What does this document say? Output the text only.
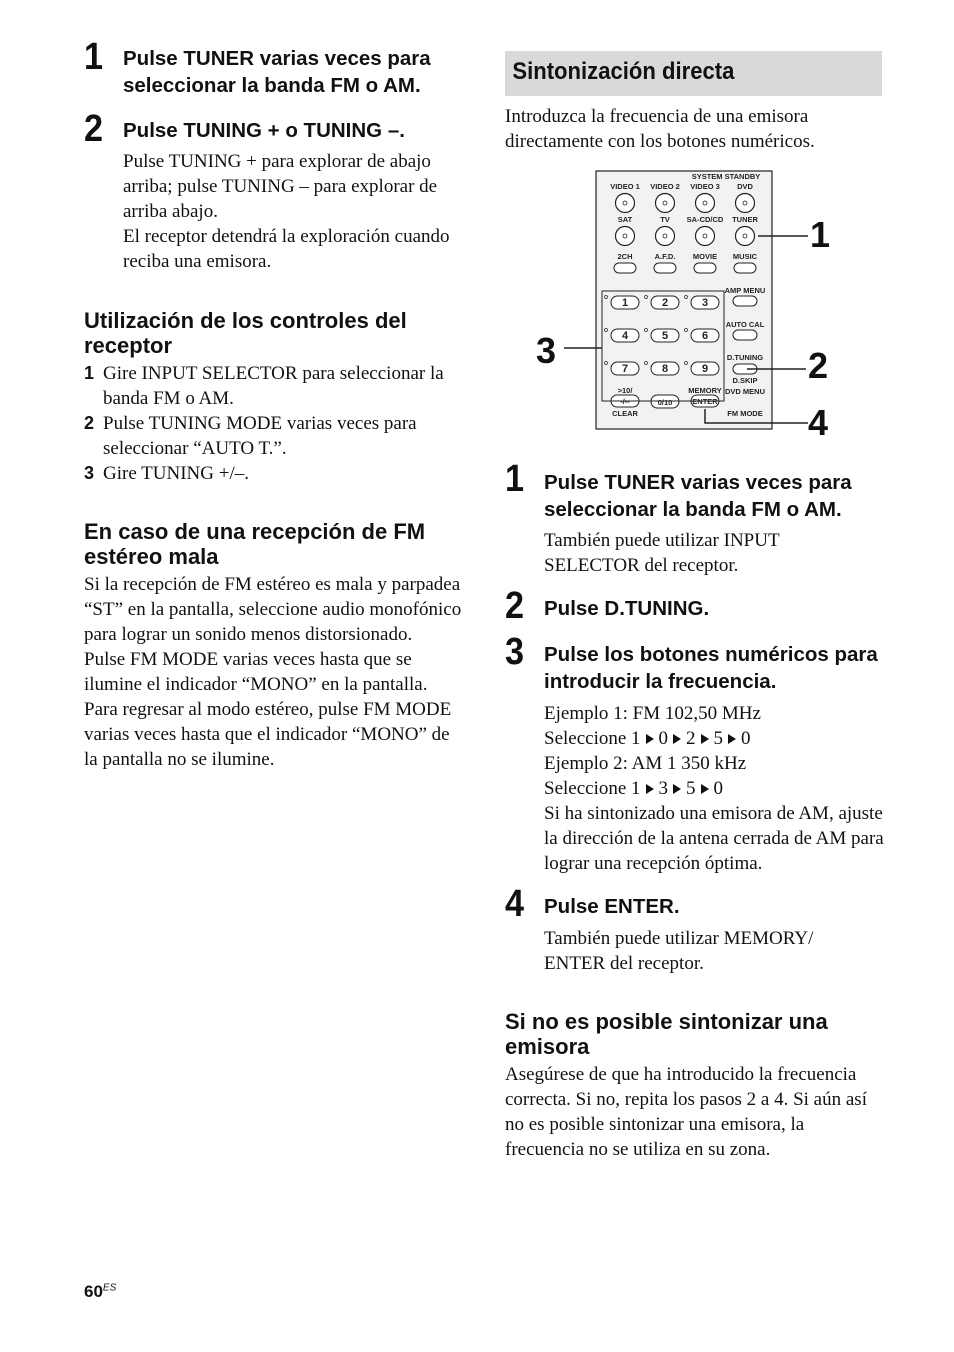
1 Pulse TUNER varias veces para seleccionar la banda FM o AM.
2 Pulse TUNING + o TUNING –.
Pulse TUNING + para explorar de abajo arriba; pulse TUNING – para explorar de arriba abajo.
El receptor detendrá la exploración cuando reciba una emisora.
Utilización de los controles del receptor
1 Gire INPUT SELECTOR para seleccionar la banda FM o AM.
2 Pulse TUNING MODE varias veces para seleccionar “AUTO T.”.
3 Gire TUNING +/–.
En caso de una recepción de FM estéreo mala
Si la recepción de FM estéreo es mala y parpadea “ST” en la pantalla, seleccione audio monofónico para lograr un sonido menos distorsionado.
Pulse FM MODE varias veces hasta que se ilumine el indicador “MONO” en la pantalla. Para regresar al modo estéreo, pulse FM MODE varias veces hasta que el indicador “MONO” de la pantalla no se ilumine.
Sintonización directa
Introduzca la frecuencia de una emisora directamente con los botones numéricos.
SYSTEM STANDBY
VIDEO 1 VIDEO 2 VIDEO 3 DVD
SAT	TV SA-CD/CD TUNER
2CH	A.F.D. MOVIE MUSIC
AMP MENU
AUTO CAL
D.TUNING
D.SKIP
DVD MENU
FM MODE
1	2	3
4	5	6
7	8	9
>10/
-/--
CLEAR
0/10
MEMORY
ENTER
1
2
3
4
1 Pulse TUNER varias veces para seleccionar la banda FM o AM.
También puede utilizar INPUT SELECTOR del receptor.
2 Pulse D.TUNING.
3 Pulse los botones numéricos para introducir la frecuencia.
Ejemplo 1: FM 102,50 MHz
Seleccione 1 0 2 5 0
Ejemplo 2: AM 1 350 kHz
Seleccione 1 3 5 0
Si ha sintonizado una emisora de AM, ajuste la dirección de la antena cerrada de AM para lograr una recepción óptima.
4 Pulse ENTER.
También puede utilizar MEMORY/ ENTER del receptor.
Si no es posible sintonizar una emisora
Asegúrese de que ha introducido la frecuencia correcta. Si no, repita los pasos 2 a 4. Si aún así no es posible sintonizar una emisora, la frecuencia no se utiliza en su zona.
$60^{ES}$
